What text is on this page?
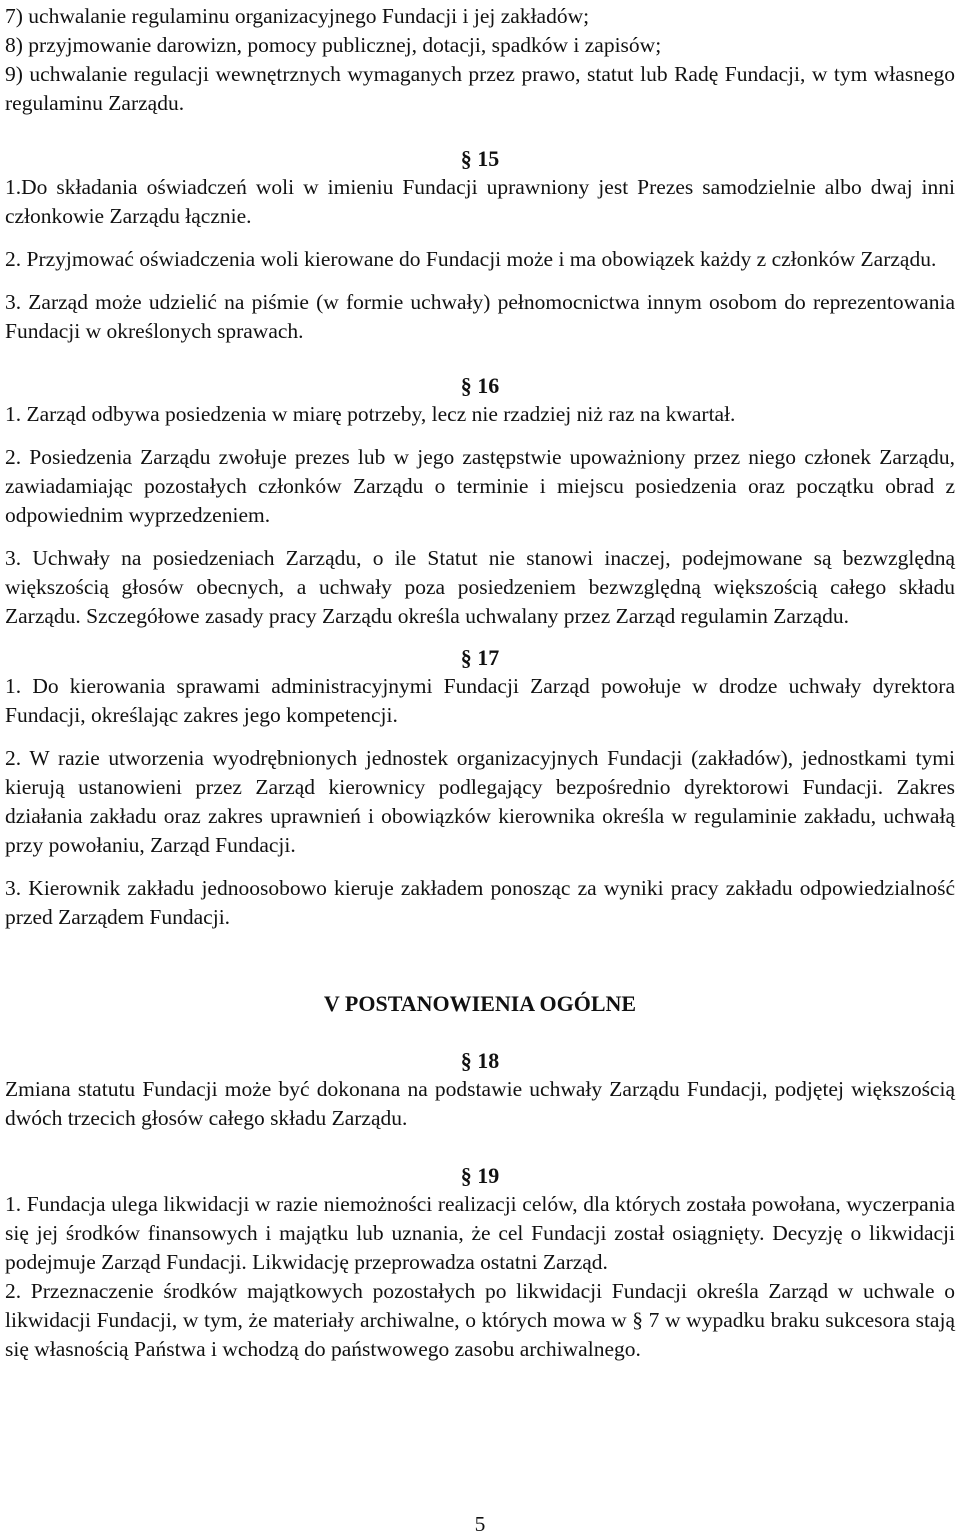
7) uchwalanie regulaminu organizacyjnego Fundacji i jej zakładów;

8) przyjmowanie darowizn, pomocy publicznej, dotacji, spadków i zapisów;

9) uchwalanie regulacji wewnętrznych wymaganych przez prawo, statut lub Radę Fundacji, w tym własnego regulaminu Zarządu.

§ 15

1.Do składania oświadczeń woli w imieniu Fundacji uprawniony jest Prezes samodzielnie albo dwaj inni członkowie Zarządu łącznie.

2. Przyjmować oświadczenia woli kierowane do Fundacji może i ma obowiązek każdy z członków Zarządu.

3. Zarząd może udzielić na piśmie (w formie uchwały) pełnomocnictwa innym osobom do reprezentowania Fundacji w określonych sprawach.

§ 16

1. Zarząd odbywa posiedzenia w miarę potrzeby, lecz nie rzadziej niż raz na kwartał.

2. Posiedzenia Zarządu zwołuje prezes lub w jego zastępstwie upoważniony przez niego członek Zarządu, zawiadamiając pozostałych członków Zarządu o terminie i miejscu posiedzenia oraz początku obrad z odpowiednim wyprzedzeniem.

3. Uchwały na posiedzeniach Zarządu, o ile Statut nie stanowi inaczej, podejmowane są bezwzględną większością głosów obecnych, a uchwały poza posiedzeniem bezwzględną większością całego składu Zarządu. Szczegółowe zasady pracy Zarządu określa uchwalany przez Zarząd regulamin Zarządu.

§ 17

1. Do kierowania sprawami administracyjnymi Fundacji Zarząd powołuje w drodze uchwały dyrektora Fundacji, określając zakres jego kompetencji.

2. W razie utworzenia wyodrębnionych jednostek organizacyjnych Fundacji (zakładów), jednostkami tymi kierują ustanowieni przez Zarząd kierownicy podlegający bezpośrednio dyrektorowi Fundacji. Zakres działania zakładu oraz zakres uprawnień i obowiązków kierownika określa w regulaminie zakładu, uchwałą przy powołaniu, Zarząd Fundacji.

3. Kierownik zakładu jednoosobowo kieruje zakładem ponosząc za wyniki pracy zakładu odpowiedzialność przed Zarządem Fundacji.

V POSTANOWIENIA OGÓLNE
§ 18

Zmiana statutu Fundacji może być dokonana na podstawie uchwały Zarządu Fundacji, podjętej większością dwóch trzecich głosów całego składu Zarządu.

§ 19

1. Fundacja ulega likwidacji w razie niemożności realizacji celów, dla których została powołana, wyczerpania się jej środków finansowych i majątku lub uznania, że cel Fundacji został osiągnięty. Decyzję o likwidacji podejmuje Zarząd Fundacji. Likwidację przeprowadza ostatni Zarząd.

2. Przeznaczenie środków majątkowych pozostałych po likwidacji Fundacji określa Zarząd w uchwale o likwidacji Fundacji, w tym, że materiały archiwalne, o których mowa w § 7 w wypadku braku sukcesora stają się własnością Państwa i wchodzą do państwowego zasobu archiwalnego.

5
